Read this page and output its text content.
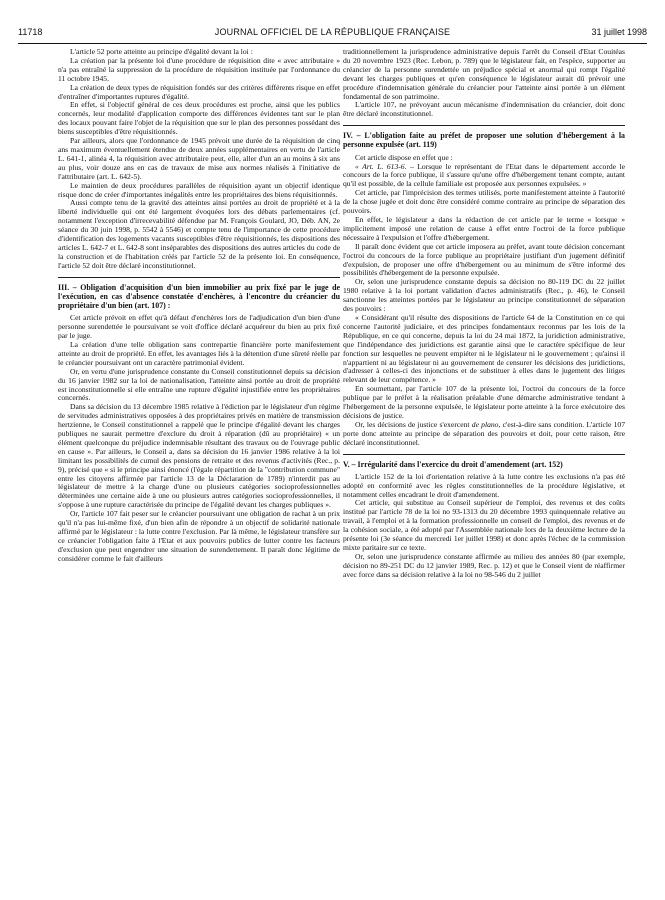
11718	JOURNAL OFFICIEL DE LA RÉPUBLIQUE FRANÇAISE	31 juillet 1998

L'article 52 porte atteinte au principe d'égalité devant la loi :

La création par la présente loi d'une procédure de réquisition dite « avec attributaire » n'a pas entraîné la suppression de la procédure de réquisition instituée par l'ordonnance du 11 octobre 1945.

La création de deux types de réquisition fondés sur des critères différents risque en effet d'entraîner d'importantes ruptures d'égalité.

En effet, si l'objectif général de ces deux procédures est proche, ainsi que les publics concernés, leur modalité d'application comporte des différences évidentes tant sur le plan des locaux pouvant faire l'objet de la réquisition que sur le plan des personnes possédant des biens susceptibles d'être réquisitionnés.

Par ailleurs, alors que l'ordonnance de 1945 prévoit une durée de la réquisition de cinq ans maximum éventuellement étendue de deux années supplémentaires en vertu de l'article L. 641-1, alinéa 4, la réquisition avec attributaire peut, elle, aller d'un an au moins à six ans au plus, voir douze ans en cas de travaux de mise aux normes réalisés à l'initiative de l'attributaire (art. L. 642-5).

Le maintien de deux procédures parallèles de réquisition ayant un objectif identique risque donc de créer d'importantes inégalités entre les propriétaires des biens réquisitionnés.

Aussi compte tenu de la gravité des atteintes ainsi portées au droit de propriété et à la liberté individuelle qui ont été largement évoquées lors des débats parlementaires (cf. notamment l'exception d'irrecevabilité défendue par M. François Goulard, JO, Déb. AN, 2e séance du 30 juin 1998, p. 5542 à 5546) et compte tenu de l'importance de cette procédure d'identification des logements vacants susceptibles d'être réquisitionnés, les dispositions des articles L. 642-7 et L. 642-8 sont inséparables des dispositions des autres articles du code de la construction et de l'habitation créés par l'article 52 de la présente loi. En conséquence, l'article 52 doit être déclaré inconstitutionnel.

III. – Obligation d'acquisition d'un bien immobilier au prix fixé par le juge de l'exécution, en cas d'absence constatée d'enchères, à l'encontre du créancier du propriétaire d'un bien (art. 107) :

Cet article prévoit en effet qu'à défaut d'enchères lors de l'adjudication d'un bien d'une personne surendettée le poursuivant se voit d'office déclaré acquéreur du bien au prix fixé par le juge.

La création d'une telle obligation sans contrepartie financière porte manifestement atteinte au droit de propriété. En effet, les avantages liés à la détention d'une sûreté réelle par le créancier poursuivant ont un caractère patrimonial évident.

Or, en vertu d'une jurisprudence constante du Conseil constitutionnel depuis sa décision du 16 janvier 1982 sur la loi de nationalisation, l'atteinte ainsi portée au droit de propriété est inconstitutionnelle si elle entraîne une rupture d'égalité injustifiée entre les propriétaires concernés.

Dans sa décision du 13 décembre 1985 relative à l'édiction par le législateur d'un régime de servitudes administratives opposées à des propriétaires privés en matière de transmission hertzienne, le Conseil constitutionnel a rappelé que le principe d'égalité devant les charges publiques ne saurait permettre d'exclure du droit à réparation (dû au propriétaire) « un élément quelconque du préjudice indemnisable résultant des travaux ou de l'ouvrage public en cause ». Par ailleurs, le Conseil a, dans sa décision du 16 janvier 1986 relative à la loi limitant les possibilités de cumul des pensions de retraite et des revenus d'activités (Rec., p. 9), précisé que « si le principe ainsi énoncé (l'égale répartition de la "contribution commune" entre les citoyens affirmée par l'article 13 de la Déclaration de 1789) n'interdit pas au législateur de mettre à la charge d'une ou plusieurs catégories socioprofessionnelles déterminées une certaine aide à une ou plusieurs autres catégories socioprofessionnelles, il s'oppose à une rupture caractérisée du principe de l'égalité devant les charges publiques ».

Or, l'article 107 fait peser sur le créancier poursuivant une obligation de rachat à un prix qu'il n'a pas lui-même fixé, d'un bien afin de répondre à un objectif de solidarité nationale affirmé par le législateur : la lutte contre l'exclusion. Par là même, le législateur transfère sur ce créancier l'obligation faite à l'Etat et aux pouvoirs publics de lutter contre les facteurs d'exclusion que peut engendrer une situation de surendettement. Il paraît donc légitime de considérer comme le fait d'ailleurs

traditionnellement la jurisprudence administrative depuis l'arrêt du Conseil d'Etat Couitéas du 20 novembre 1923 (Rec. Lebon, p. 789) que le législateur fait, en l'espèce, supporter au créancier de la personne surendettée un préjudice spécial et anormal qui rompt l'égalité devant les charges publiques et qu'en conséquence le législateur aurait dû prévoir une procédure d'indemnisation générale du créancier pour l'atteinte ainsi portée à un élément fondamental de son patrimoine.

L'article 107, ne prévoyant aucun mécanisme d'indemnisation du créancier, doit donc être déclaré inconstitutionnel.

IV. – L'obligation faite au préfet de proposer une solution d'hébergement à la personne expulsée (art. 119)

Cet article dispose en effet que :

« Art. L. 613-6. – Lorsque le représentant de l'Etat dans le département accorde le concours de la force publique, il s'assure qu'une offre d'hébergement tenant compte, autant qu'il est possible, de la cellule familiale est proposée aux personnes expulsées. »

Cet article, par l'imprécision des termes utilisés, porte manifestement atteinte à l'autorité de la chose jugée et doit donc être considéré comme contraire au principe de séparation des pouvoirs.

En effet, le législateur a dans la rédaction de cet article par le terme « lorsque » implicitement imposé une relation de cause à effet entre l'octroi de la force publique nécessaire à l'expulsion et l'offre d'hébergement.

Il paraît donc évident que cet article imposera au préfet, avant toute décision concernant l'octroi du concours de la force publique au propriétaire justifiant d'un jugement définitif d'expulsion, de proposer une offre d'hébergement ou au minimum de s'être informé des possibilités d'hébergement de la personne expulsée.

Or, selon une jurisprudence constante depuis sa décision no 80-119 DC du 22 juillet 1980 relative à la loi portant validation d'actes administratifs (Rec., p. 46), le Conseil sanctionne les atteintes portées par le législateur au principe constitutionnel de séparation des pouvoirs :

« Considérant qu'il résulte des dispositions de l'article 64 de la Constitution en ce qui concerne l'autorité judiciaire, et des principes fondamentaux reconnus par les lois de la République, en ce qui concerne, depuis la loi du 24 mai 1872, la juridiction administrative, que l'indépendance des juridictions est garantie ainsi que le caractère spécifique de leur fonction sur lesquelles ne peuvent empiéter ni le législateur ni le gouvernement ; qu'ainsi il n'appartient ni au législateur ni au gouvernement de censurer les décisions des juridictions, d'adresser à celles-ci des injonctions et de substituer à elles dans le jugement des litiges relevant de leur compétence. »

En soumettant, par l'article 107 de la présente loi, l'octroi du concours de la force publique par le préfet à la réalisation préalable d'une démarche administrative tendant à l'hébergement de la personne expulsée, le législateur porte atteinte à la force exécutoire des décisions de justice.

Or, les décisions de justice s'exercent de plano, c'est-à-dire sans condition. L'article 107 porte donc atteinte au principe de séparation des pouvoirs et doit, pour cette raison, être déclaré inconstitutionnel.

V. – Irrégularité dans l'exercice du droit d'amendement (art. 152)

L'article 152 de la loi d'orientation relative à la lutte contre les exclusions n'a pas été adopté en conformité avec les règles constitutionnelles de la procédure législative, et notamment celles encadrant le droit d'amendement.

Cet article, qui substitue au Conseil supérieur de l'emploi, des revenus et des coûts institué par l'article 78 de la loi no 93-1313 du 20 décembre 1993 quinquennale relative au travail, à l'emploi et à la formation professionnelle un conseil de l'emploi, des revenus et de la cohésion sociale, a été adopté par l'Assemblée nationale lors de la deuxième lecture de la présente loi (3e séance du mercredi 1er juillet 1998) et donc après l'échec de la commission mixte paritaire sur ce texte.

Or, selon une jurisprudence constante affirmée au milieu des années 80 (par exemple, décision no 89-251 DC du 12 janvier 1989, Rec. p. 12) et que le Conseil vient de réaffirmer avec force dans sa décision relative à la loi no 98-546 du 2 juillet
